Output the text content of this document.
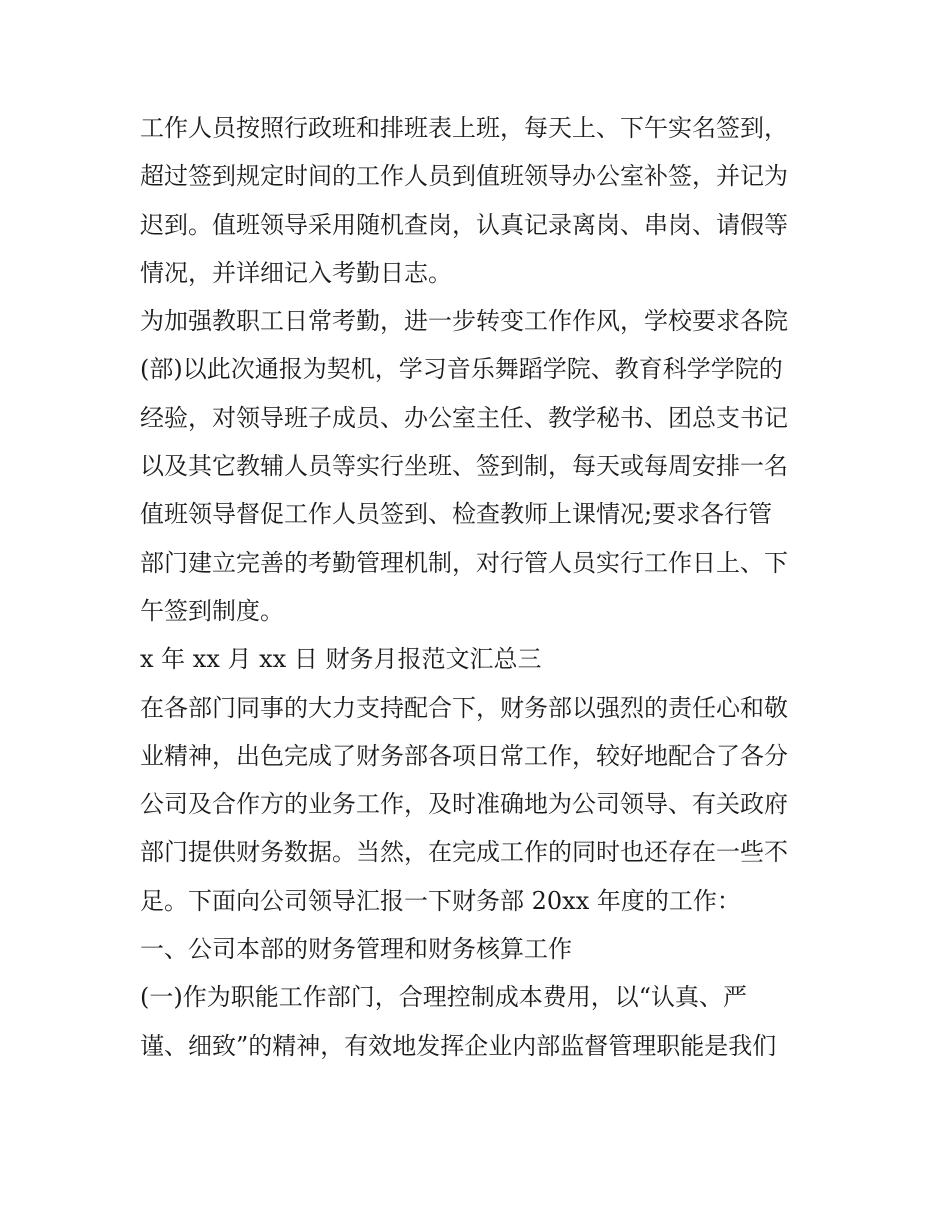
工作人员按照行政班和排班表上班，每天上、下午实名签到，
超过签到规定时间的工作人员到值班领导办公室补签，并记为
迟到。值班领导采用随机查岗，认真记录离岗、串岗、请假等
情况，并详细记入考勤日志。
为加强教职工日常考勤，进一步转变工作作风，学校要求各院
(部)以此次通报为契机，学习音乐舞蹈学院、教育科学学院的
经验，对领导班子成员、办公室主任、教学秘书、团总支书记
以及其它教辅人员等实行坐班、签到制，每天或每周安排一名
值班领导督促工作人员签到、检查教师上课情况;要求各行管
部门建立完善的考勤管理机制，对行管人员实行工作日上、下
午签到制度。
x 年 xx 月 xx 日 财务月报范文汇总三
在各部门同事的大力支持配合下，财务部以强烈的责任心和敬
业精神，出色完成了财务部各项日常工作，较好地配合了各分
公司及合作方的业务工作，及时准确地为公司领导、有关政府
部门提供财务数据。当然，在完成工作的同时也还存在一些不
足。下面向公司领导汇报一下财务部 20xx 年度的工作：
一、公司本部的财务管理和财务核算工作
(一)作为职能工作部门，合理控制成本费用，以“认真、严
谨、细致”的精神，有效地发挥企业内部监督管理职能是我们
